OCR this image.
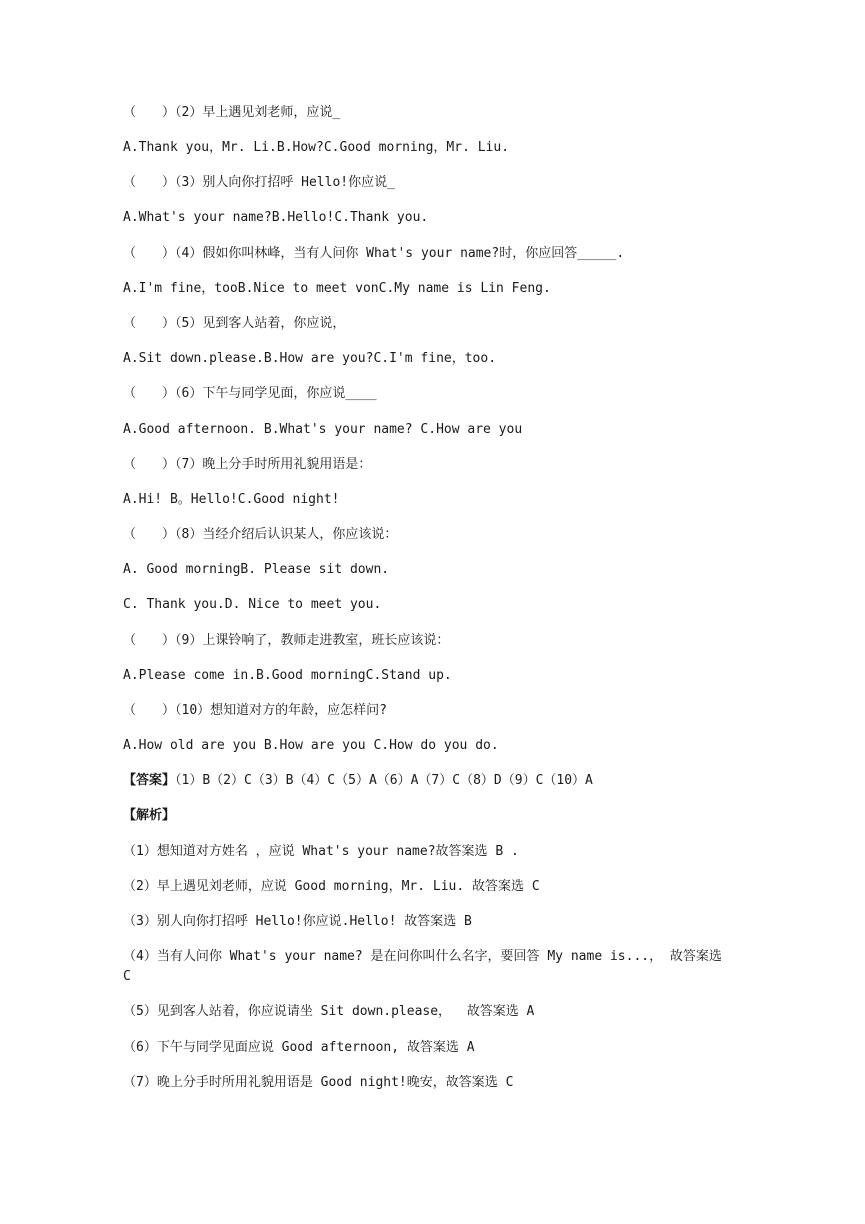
（　　）（2）早上遇见刘老师，应说_
A.Thank you，Mr. Li.B.How?C.Good morning，Mr. Liu.
（　　）（3）别人向你打招呼 Hello!你应说_
A.What's your name?B.Hello!C.Thank you.
（　　）（4）假如你叫林峰，当有人问你 What's your name?时，你应回答_____.
A.I'm fine，tooB.Nice to meet vonC.My name is Lin Feng.
（　　）（5）见到客人站着，你应说，
A.Sit down.please.B.How are you?C.I'm fine，too.
（　　）（6）下午与同学见面，你应说____
A.Good afternoon. B.What's your name? C.How are you
（　　）（7）晚上分手时所用礼貌用语是：
A.Hi! B。Hello!C.Good night!
（　　）（8）当经介绍后认识某人，你应该说：
A. Good morningB. Please sit down.
C. Thank you.D. Nice to meet you.
（　　）（9）上课铃响了，教师走进教室，班长应该说：
A.Please come in.B.Good morningC.Stand up.
（　　）（10）想知道对方的年龄，应怎样问?
A.How old are you B.How are you C.How do you do.
【答案】（1）B（2）C（3）B（4）C（5）A（6）A（7）C（8）D（9）C（10）A
【解析】
（1）想知道对方姓名 ，应说 What's your name?故答案选 B .
（2）早上遇见刘老师，应说 Good morning，Mr. Liu. 故答案选 C
（3）别人向你打招呼 Hello!你应说.Hello! 故答案选 B
（4）当有人问你 What's your name? 是在问你叫什么名字，要回答 My name is...， 故答案选 C
（5）见到客人站着，你应说请坐 Sit down.please，  故答案选 A
（6）下午与同学见面应说 Good afternoon, 故答案选 A
（7）晚上分手时所用礼貌用语是 Good night!晚安，故答案选 C
